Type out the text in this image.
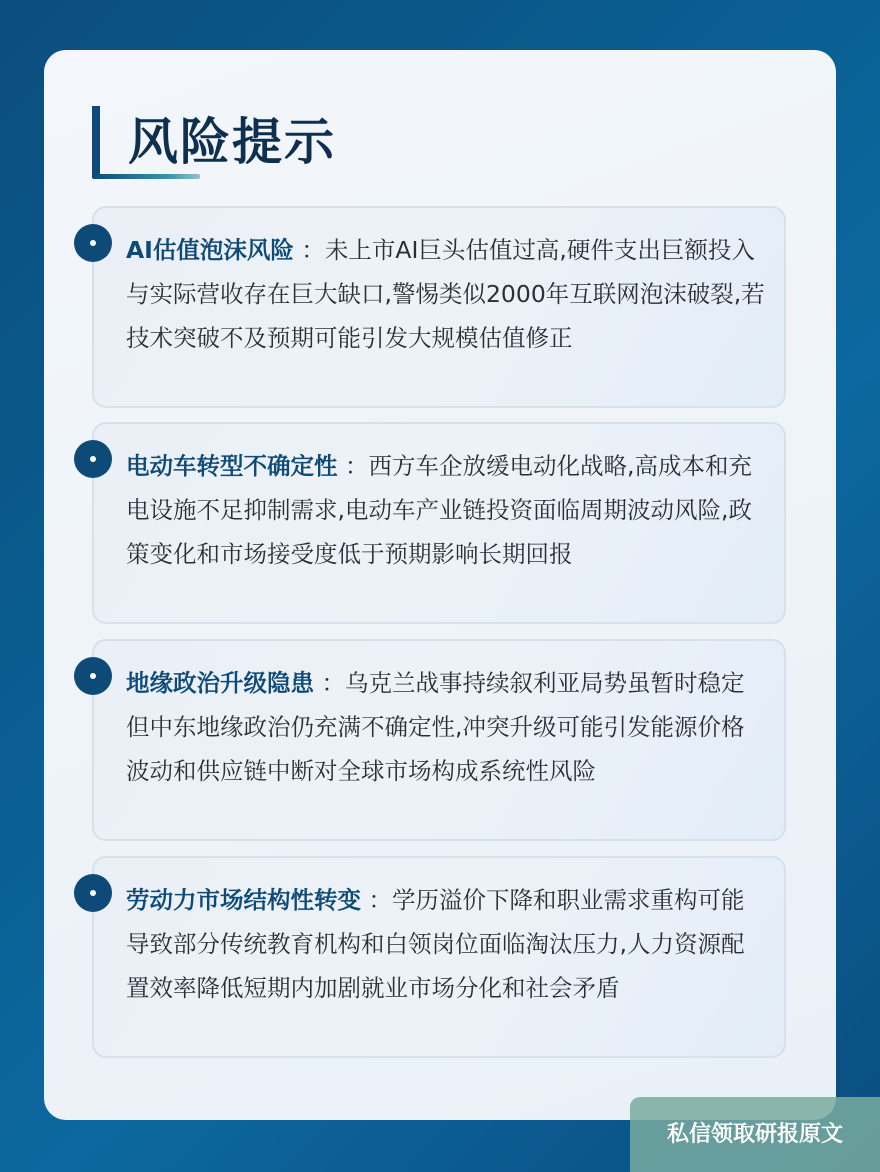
风险提示
AI估值泡沫风险 ：未上市AI巨头估值过高,硬件支出巨额投入与实际营收存在巨大缺口,警惕类似2000年互联网泡沫破裂,若技术突破不及预期可能引发大规模估值修正
电动车转型不确定性 ：西方车企放缓电动化战略,高成本和充电设施不足抑制需求,电动车产业链投资面临周期波动风险,政策变化和市场接受度低于预期影响长期回报
地缘政治升级隐患 ：乌克兰战事持续叙利亚局势虽暂时稳定但中东地缘政治仍充满不确定性,冲突升级可能引发能源价格波动和供应链中断对全球市场构成系统性风险
劳动力市场结构性转变 ：学历溢价下降和职业需求重构可能导致部分传统教育机构和白领岗位面临淘汰压力,人力资源配置效率降低短期内加剧就业市场分化和社会矛盾
私信领取研报原文
